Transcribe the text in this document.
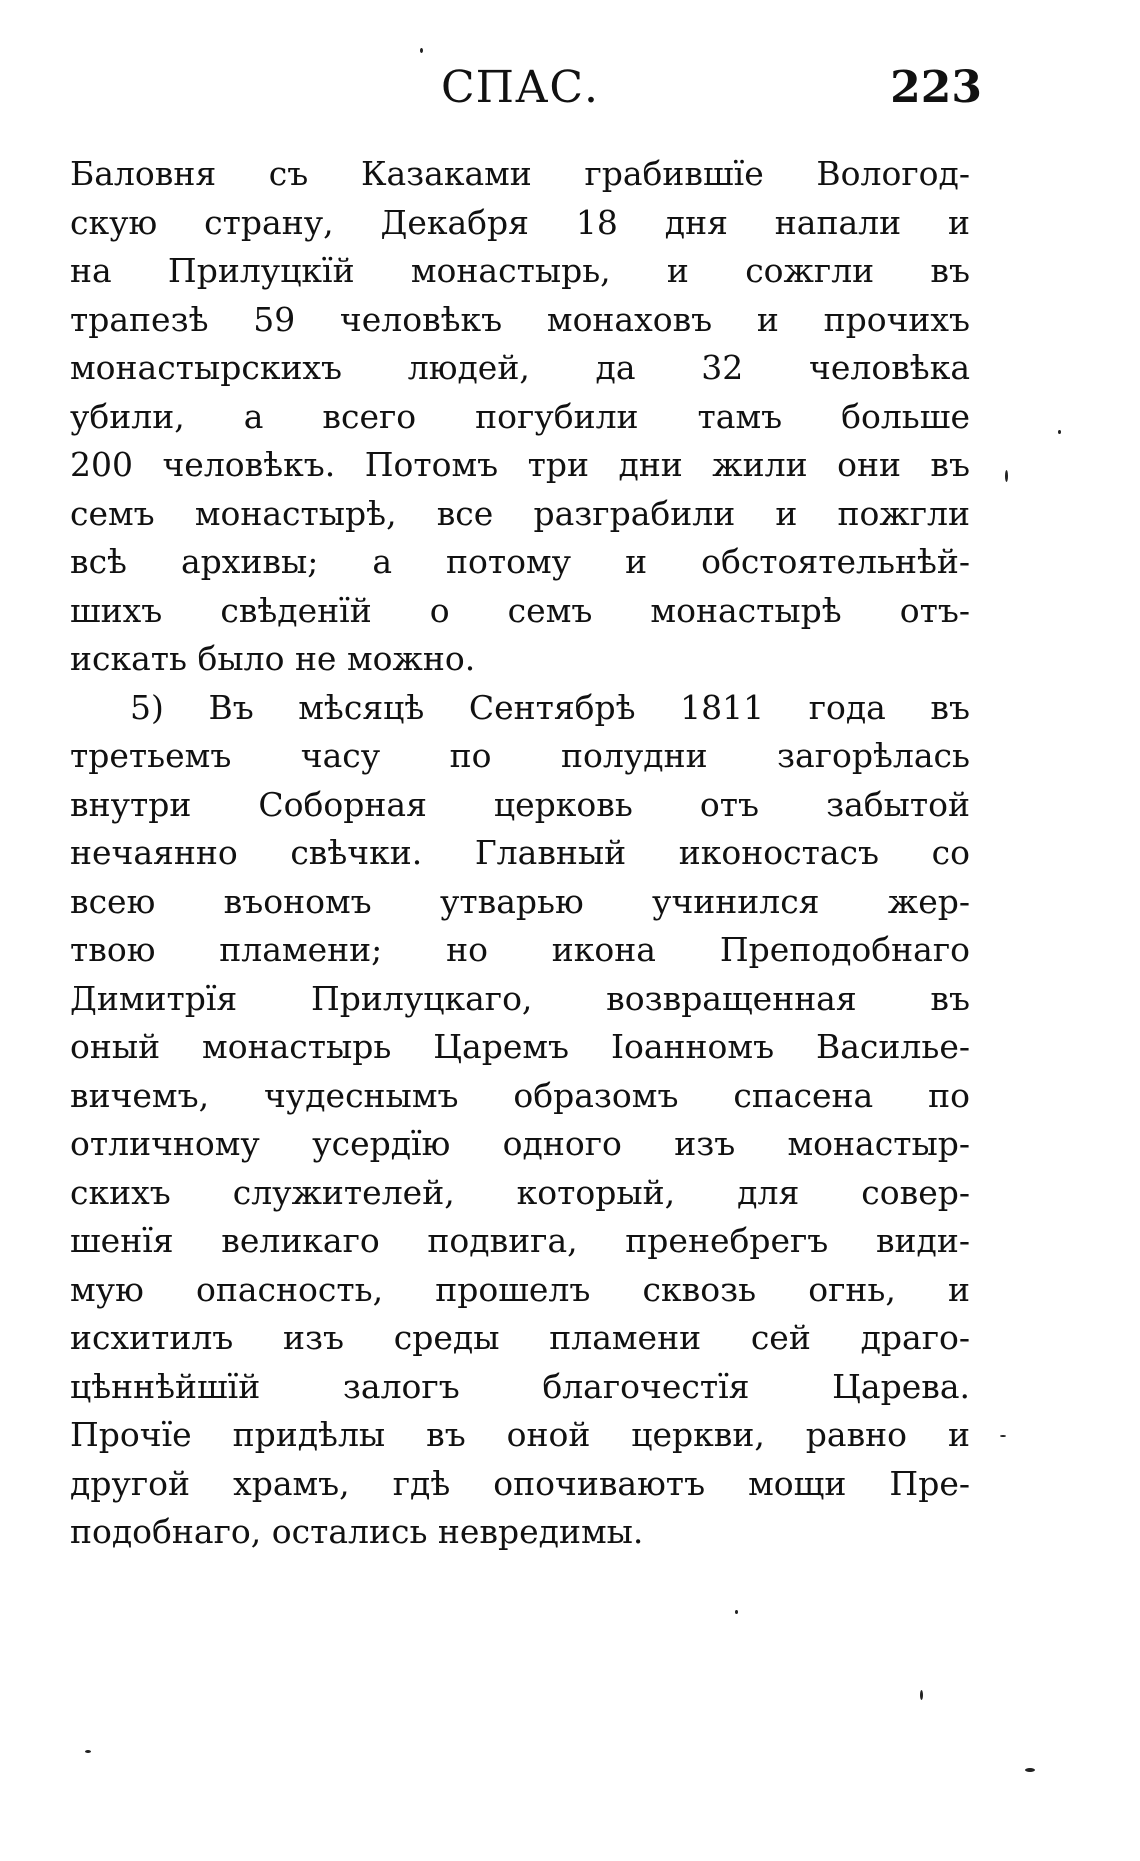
СПАС.	223
Баловня съ Казаками грабившїе Вологод-
скую страну, Декабря 18 дня напали и
на Прилуцкїй монастырь, и сожгли въ
трапезѣ 59 человѣкъ монаховъ и прочихъ
монастырскихъ людей, да 32 человѣка
убили, а всего погубили тамъ больше
200 человѣкъ. Потомъ три дни жили они въ
семъ монастырѣ, все разграбили и пожгли
всѣ архивы; а потому и обстоятельнѣй-
шихъ свѣденїй о семъ монастырѣ отъ-
искать было не можно.
5) Въ мѣсяцѣ Сентябрѣ 1811 года въ
третьемъ часу по полудни загорѣлась
внутри Соборная церковь отъ забытой
нечаянно свѣчки. Главный иконостасъ со
всею въономъ утварью учинился жер-
твою пламени; но икона Преподобнаго
Димитрїя Прилуцкаго, возвращенная въ
оный монастырь Царемъ Іоанномъ Василье-
вичемъ, чудеснымъ образомъ спасена по
отличному усердїю одного изъ монастыр-
скихъ служителей, который, для совер-
шенїя великаго подвига, пренебрегъ види-
мую опасность, прошелъ сквозь огнь, и
исхитилъ изъ среды пламени сей драго-
цѣннѣйшїй залогъ благочестїя Царева.
Прочїе придѣлы въ оной церкви, равно и
другой храмъ, гдѣ опочиваютъ мощи Пре-
подобнаго, остались невредимы.
